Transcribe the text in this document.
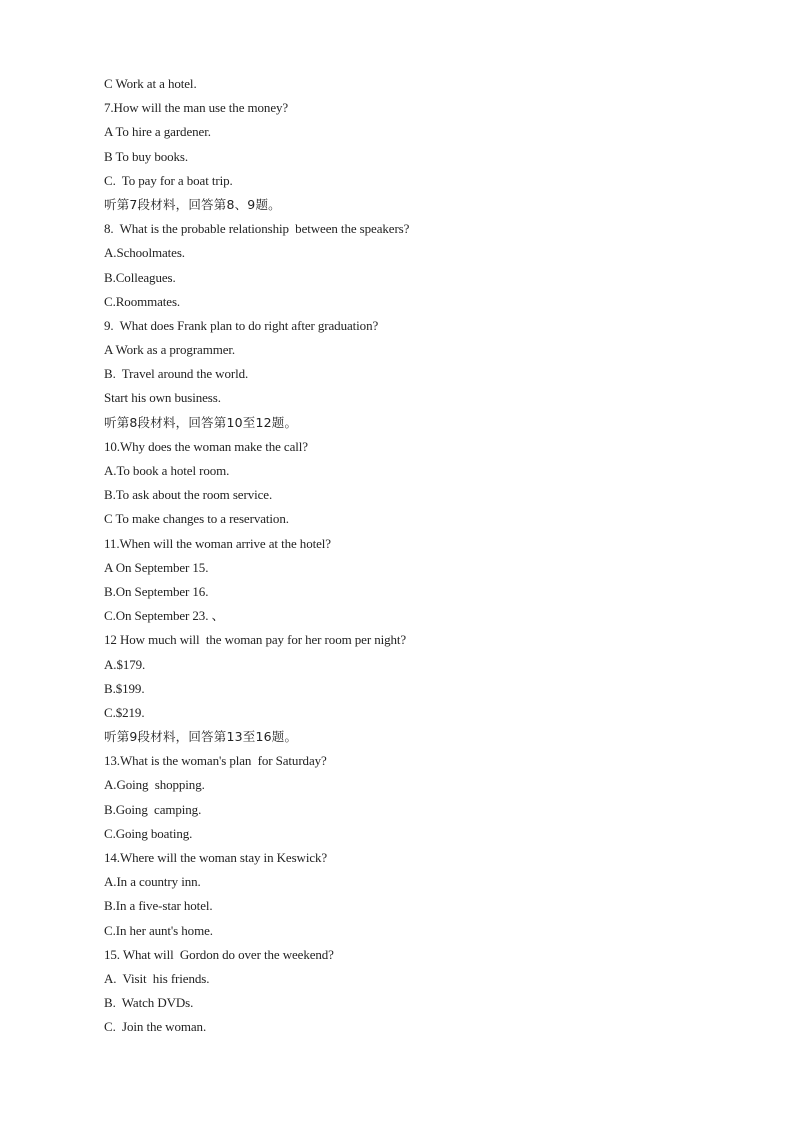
C Work at a hotel.
7.How will the man use the money?
A To hire a gardener.
B To buy books.
C.  To pay for a boat trip.
听第7段材料，回答第8、9题。
8.  What is the probable relationship  between the speakers?
A.Schoolmates.
B.Colleagues.
C.Roommates.
9.  What does Frank plan to do right after graduation?
A Work as a programmer.
B.  Travel around the world.
Start his own business.
听第8段材料，回答第10至12题。
10.Why does the woman make the call?
A.To book a hotel room.
B.To ask about the room service.
C To make changes to a reservation.
11.When will the woman arrive at the hotel?
A On September 15.
B.On September 16.
C.On September 23. 、
12 How much will  the woman pay for her room per night?
A.$179.
B.$199.
C.$219.
听第9段材料，回答第13至16题。
13.What is the woman's plan  for Saturday?
A.Going  shopping.
B.Going  camping.
C.Going boating.
14.Where will the woman stay in Keswick?
A.In a country inn.
B.In a five-star hotel.
C.In her aunt's home.
15. What will  Gordon do over the weekend?
A.  Visit  his friends.
B.  Watch DVDs.
C.  Join the woman.
